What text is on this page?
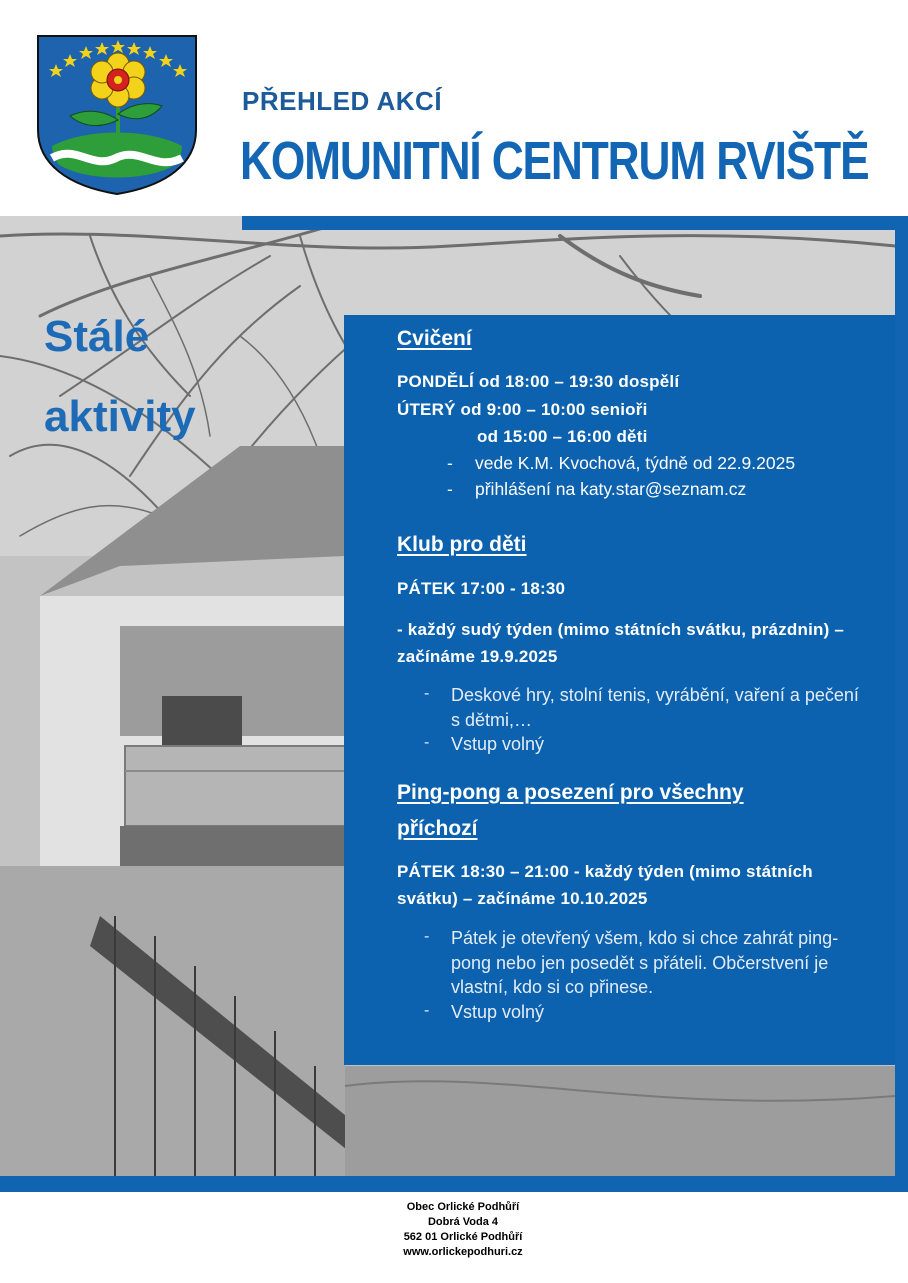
PŘEHLED AKCÍ
KOMUNITNÍ CENTRUM RVIŠTĚ
Stálé
aktivity
Cvičení
PONDĚLÍ od 18:00 – 19:30 dospělí
ÚTERÝ od 9:00 – 10:00 senioři
od 15:00 – 16:00 děti
- vede K.M. Kvochová, týdně od 22.9.2025
- přihlášení na katy.star@seznam.cz
Klub pro děti
PÁTEK 17:00 - 18:30
- každý sudý týden (mimo státních svátku, prázdnin) – začínáme 19.9.2025
- Deskové hry, stolní tenis, vyrábění, vaření a pečení s dětmi,…
- Vstup volný
Ping-pong a posezení pro všechny
příchozí
PÁTEK 18:30 – 21:00 - každý týden (mimo státních svátku) – začínáme 10.10.2025
- Pátek je otevřený všem, kdo si chce zahrát ping-pong nebo jen posedět s přáteli. Občerstvení je vlastní, kdo si co přinese.
- Vstup volný
Obec Orlické Podhůří
Dobrá Voda 4
562 01 Orlické Podhůří
www.orlickepodhuri.cz
